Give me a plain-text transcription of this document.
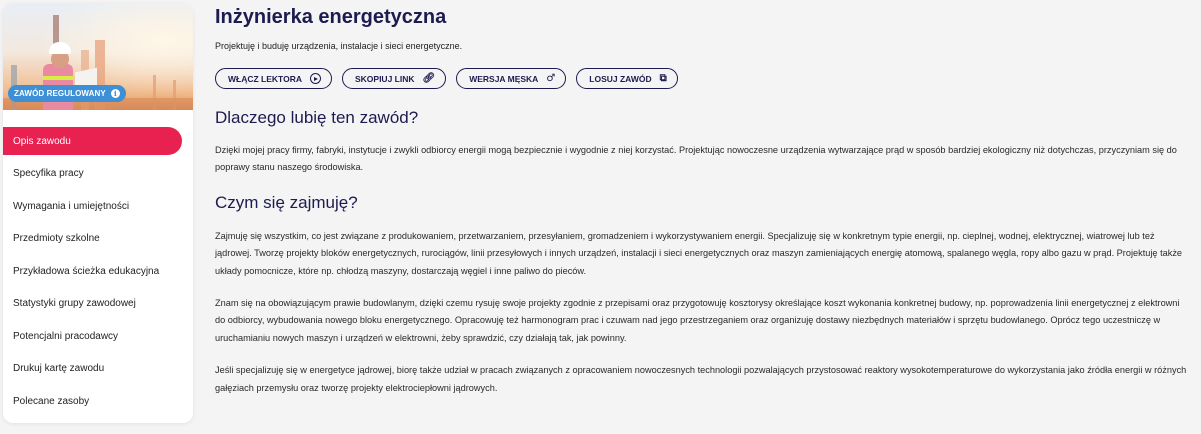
ZAWÓD REGULOWANY	i
Opis zawodu
Specyfika pracy
Wymagania i umiejętności
Przedmioty szkolne
Przykładowa ścieżka edukacyjna
Statystyki grupy zawodowej
Potencjalni pracodawcy
Drukuj kartę zawodu
Polecane zasoby
Inżynierka energetyczna
Projektuję i buduję urządzenia, instalacje i sieci energetyczne.
WŁĄCZ LEKTORA	SKOPIUJ LINK 🔗︎	WERSJA MĘSKA ♂	LOSUJ ZAWÓD ⧉
Dlaczego lubię ten zawód?

Dzięki mojej pracy firmy, fabryki, instytucje i zwykli odbiorcy energii mogą bezpiecznie i wygodnie z niej korzystać. Projektując nowoczesne urządzenia wytwarzające prąd w sposób bardziej ekologiczny niż dotychczas, przyczyniam się do poprawy stanu naszego środowiska.

Czym się zajmuję?

Zajmuję się wszystkim, co jest związane z produkowaniem, przetwarzaniem, przesyłaniem, gromadzeniem i wykorzystywaniem energii. Specjalizuję się w konkretnym typie energii, np. cieplnej, wodnej, elektrycznej, wiatrowej lub też jądrowej. Tworzę projekty bloków energetycznych, rurociągów, linii przesyłowych i innych urządzeń, instalacji i sieci energetycznych oraz maszyn zamieniających energię atomową, spalanego węgla, ropy albo gazu w prąd. Projektuję także układy pomocnicze, które np. chłodzą maszyny, dostarczają węgiel i inne paliwo do pieców.

Znam się na obowiązującym prawie budowlanym, dzięki czemu rysuję swoje projekty zgodnie z przepisami oraz przygotowuję kosztorysy określające koszt wykonania konkretnej budowy, np. poprowadzenia linii energetycznej z elektrowni do odbiorcy, wybudowania nowego bloku energetycznego. Opracowuję też harmonogram prac i czuwam nad jego przestrzeganiem oraz organizuję dostawy niezbędnych materiałów i sprzętu budowlanego. Oprócz tego uczestniczę w uruchamianiu nowych maszyn i urządzeń w elektrowni, żeby sprawdzić, czy działają tak, jak powinny.

Jeśli specjalizuję się w energetyce jądrowej, biorę także udział w pracach związanych z opracowaniem nowoczesnych technologii pozwalających przystosować reaktory wysokotemperaturowe do wykorzystania jako źródła energii w różnych gałęziach przemysłu oraz tworzę projekty elektrociepłowni jądrowych.
